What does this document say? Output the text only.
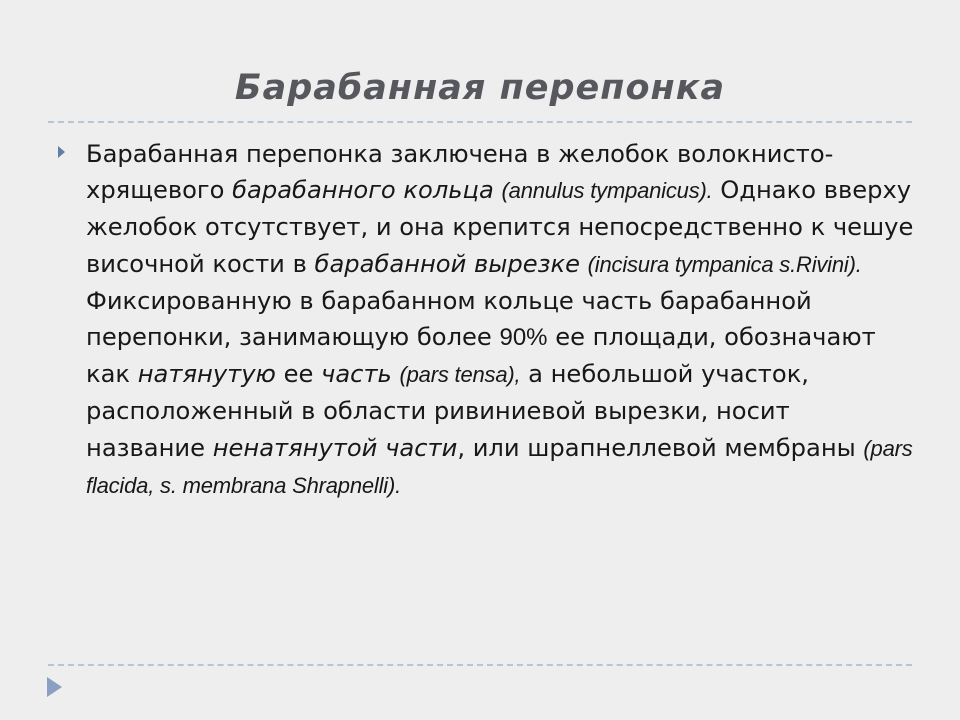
Барабанная перепонка

Барабанная перепонка заключена в желобок волокнисто- хрящевого барабанного кольца (annulus tympanicus). Однако вверху желобок отсутствует, и она крепится непосредственно к чешуе височной кости в барабанной вырезке (incisura tympanica s.Rivini). Фиксированную в барабанном кольце часть барабанной перепонки, занимающую более 90% ее площади, обозначают как натянутую ее часть (pars tensa), а небольшой участок, расположенный в области ривиниевой вырезки, носит название ненатянутой части, или шрапнеллевой мембраны (pars flacida, s. membrana Shrapnelli).
